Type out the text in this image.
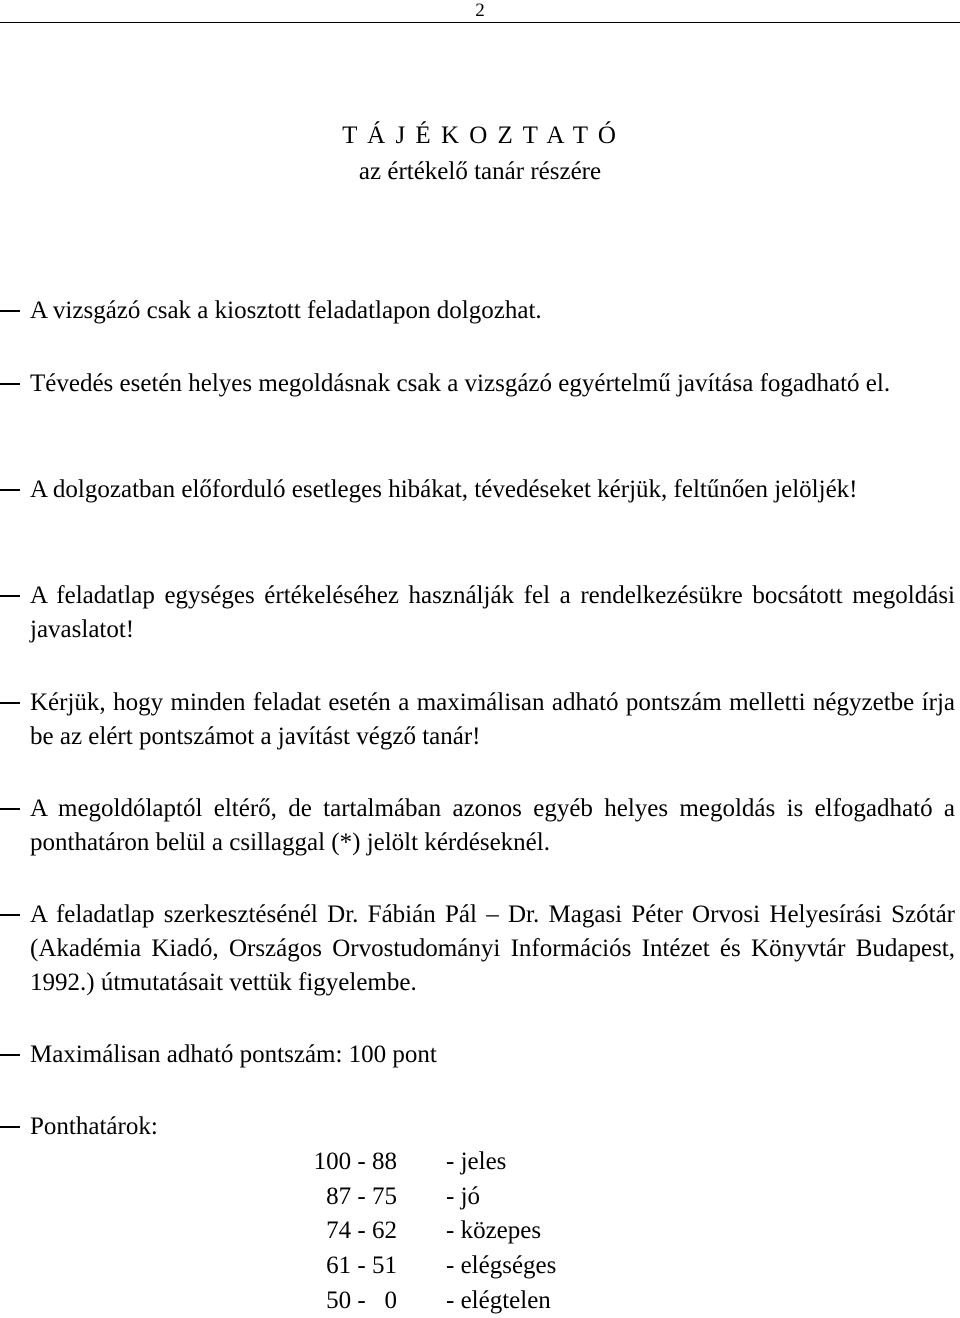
2
T Á J É K O Z T A T Ó
az értékelő tanár részére
A vizsgázó csak a kiosztott feladatlapon dolgozhat.
Tévedés esetén helyes megoldásnak csak a vizsgázó egyértelmű javítása fogadható el.
A dolgozatban előforduló esetleges hibákat, tévedéseket kérjük, feltűnően jelöljék!
A feladatlap egységes értékeléséhez használják fel a rendelkezésükre bocsátott megoldási javaslatot!
Kérjük, hogy minden feladat esetén a maximálisan adható pontszám melletti négyzetbe írja be az elért pontszámot a javítást végző tanár!
A megoldólaptól eltérő, de tartalmában azonos egyéb helyes megoldás is elfogadható a ponthatáron belül a csillaggal (*) jelölt kérdéseknél.
A feladatlap szerkesztésénél Dr. Fábián Pál – Dr. Magasi Péter Orvosi Helyesírási Szótár (Akadémia Kiadó, Országos Orvostudományi Információs Intézet és Könyvtár Budapest, 1992.) útmutatásait vettük figyelembe.
Maximálisan adható pontszám: 100 pont
Ponthatárok:
100 - 88 - jeles
87 - 75 - jó
74 - 62 - közepes
61 - 51 - elégséges
50 -   0 - elégtelen
